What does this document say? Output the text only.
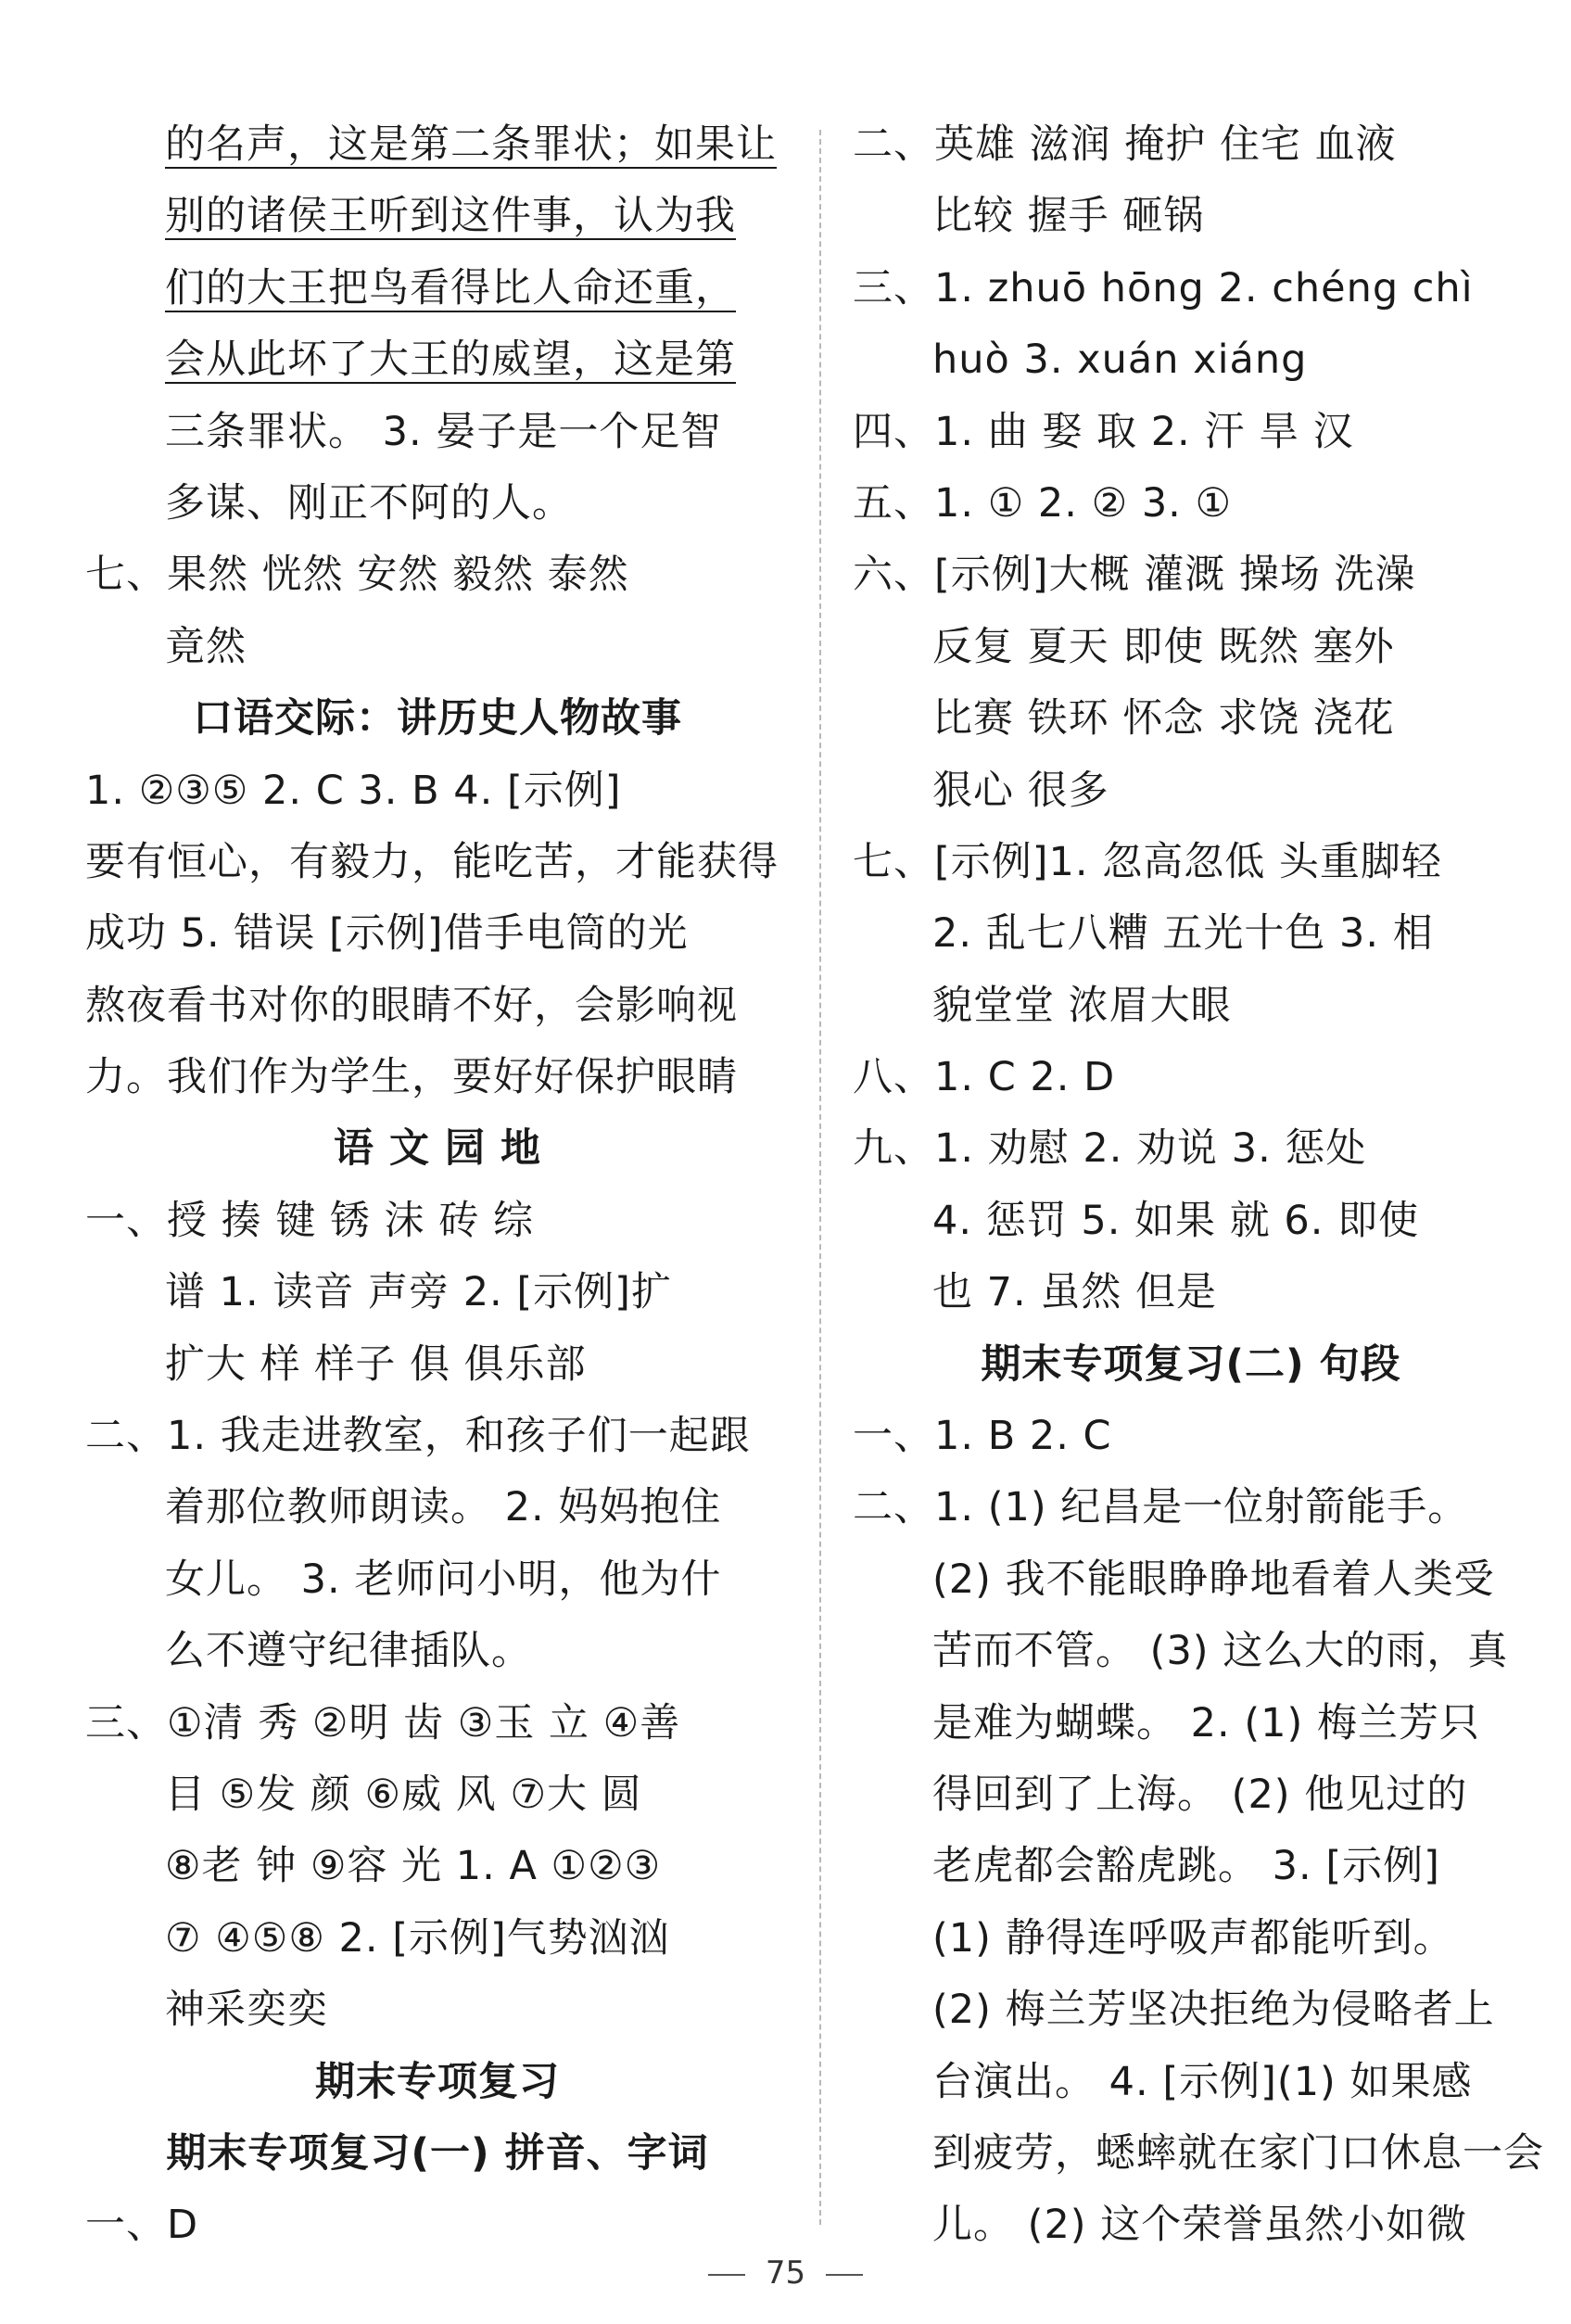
的名声，这是第二条罪状；如果让
别的诸侯王听到这件事，认为我
们的大王把鸟看得比人命还重，
会从此坏了大王的威望，这是第
三条罪状。 3. 晏子是一个足智
多谋、刚正不阿的人。
七、果然 恍然 安然 毅然 泰然
竟然
口语交际：讲历史人物故事
1. ②③⑤ 2. C 3. B 4. [示例]
要有恒心，有毅力，能吃苦，才能获得
成功 5. 错误 [示例]借手电筒的光
熬夜看书对你的眼睛不好，会影响视
力。我们作为学生，要好好保护眼睛
语 文 园 地
一、授 揍 键 锈 沫 砖 综
谱 1. 读音 声旁 2. [示例]扩
扩大 样 样子 俱 俱乐部
二、1. 我走进教室，和孩子们一起跟
着那位教师朗读。 2. 妈妈抱住
女儿。 3. 老师问小明，他为什
么不遵守纪律插队。
三、①清 秀 ②明 齿 ③玉 立 ④善
目 ⑤发 颜 ⑥威 风 ⑦大 圆
⑧老 钟 ⑨容 光 1. A ①②③
⑦ ④⑤⑧ 2. [示例]气势汹汹
神采奕奕
期末专项复习
期末专项复习(一) 拼音、字词
一、D
二、英雄 滋润 掩护 住宅 血液
比较 握手 砸锅
三、1. zhuō hōng 2. chéng chì
huò 3. xuán xiáng
四、1. 曲 娶 取 2. 汗 旱 汉
五、1. ① 2. ② 3. ①
六、[示例]大概 灌溉 操场 洗澡
反复 夏天 即使 既然 塞外
比赛 铁环 怀念 求饶 浇花
狠心 很多
七、[示例]1. 忽高忽低 头重脚轻
2. 乱七八糟 五光十色 3. 相
貌堂堂 浓眉大眼
八、1. C 2. D
九、1. 劝慰 2. 劝说 3. 惩处
4. 惩罚 5. 如果 就 6. 即使
也 7. 虽然 但是
期末专项复习(二) 句段
一、1. B 2. C
二、1. (1) 纪昌是一位射箭能手。
(2) 我不能眼睁睁地看着人类受
苦而不管。 (3) 这么大的雨，真
是难为蝴蝶。 2. (1) 梅兰芳只
得回到了上海。 (2) 他见过的
老虎都会豁虎跳。 3. [示例]
(1) 静得连呼吸声都能听到。
(2) 梅兰芳坚决拒绝为侵略者上
台演出。 4. [示例](1) 如果感
到疲劳，蟋蟀就在家门口休息一会
儿。 (2) 这个荣誉虽然小如微
75
